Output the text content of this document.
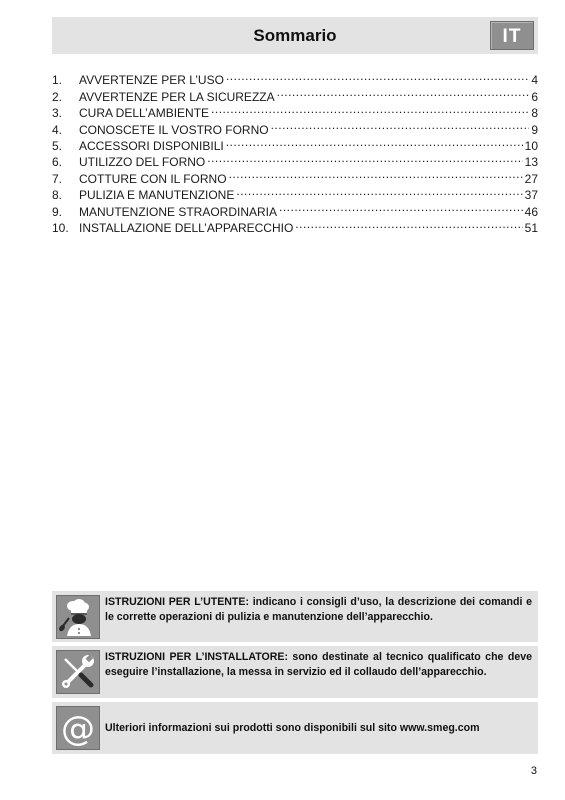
Sommario	IT
1.	AVVERTENZE PER L’USO .....	4
2.	AVVERTENZE PER LA SICUREZZA .....	6
3.	CURA DELL’AMBIENTE .....	8
4.	CONOSCETE IL VOSTRO FORNO .....	9
5.	ACCESSORI DISPONIBILI .....	10
6.	UTILIZZO DEL FORNO .....	13
7.	COTTURE CON IL FORNO .....	27
8.	PULIZIA E MANUTENZIONE .....	37
9.	MANUTENZIONE STRAORDINARIA .....	46
10. INSTALLAZIONE DELL’APPARECCHIO .....	51
ISTRUZIONI PER L’UTENTE: indicano i consigli d’uso, la descrizione dei comandi e le corrette operazioni di pulizia e manutenzione dell’apparecchio.
ISTRUZIONI PER L’INSTALLATORE: sono destinate al tecnico qualificato che deve eseguire l’installazione, la messa in servizio ed il collaudo dell’apparecchio.
@ Ulteriori informazioni sui prodotti sono disponibili sul sito www.smeg.com
3
